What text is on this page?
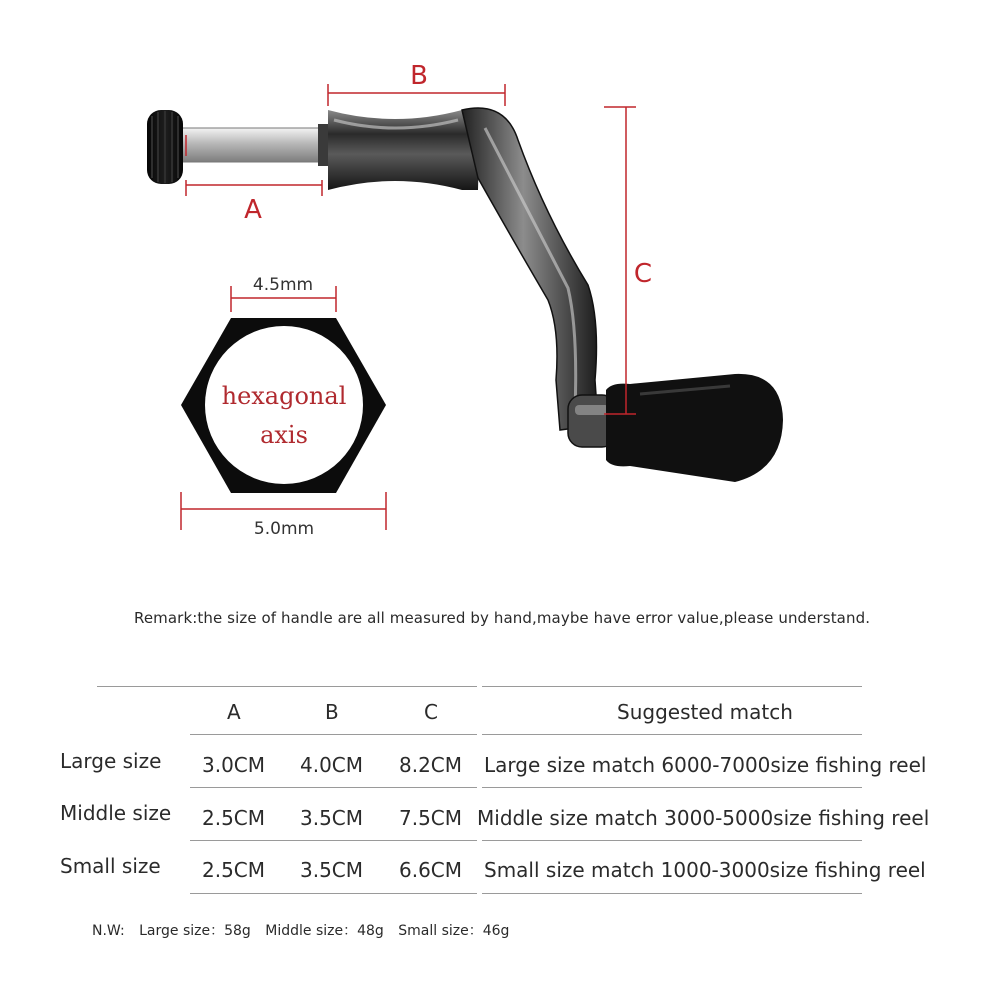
A
B
C
hexagonal
axis
4.5mm
5.0mm
Remark:the size of handle are all measured by hand,maybe have error value,please understand.
A	B	C	Suggested match
Large size 3.0CM 4.0CM 8.2CM Large size match 6000-7000size fishing reel
Middle size 2.5CM 3.5CM 7.5CM Middle size match 3000-5000size fishing reel
Small size 2.5CM 3.5CM 6.6CM Small size match 1000-3000size fishing reel
N.W: Large size：58g Middle size：48g Small size：46g
